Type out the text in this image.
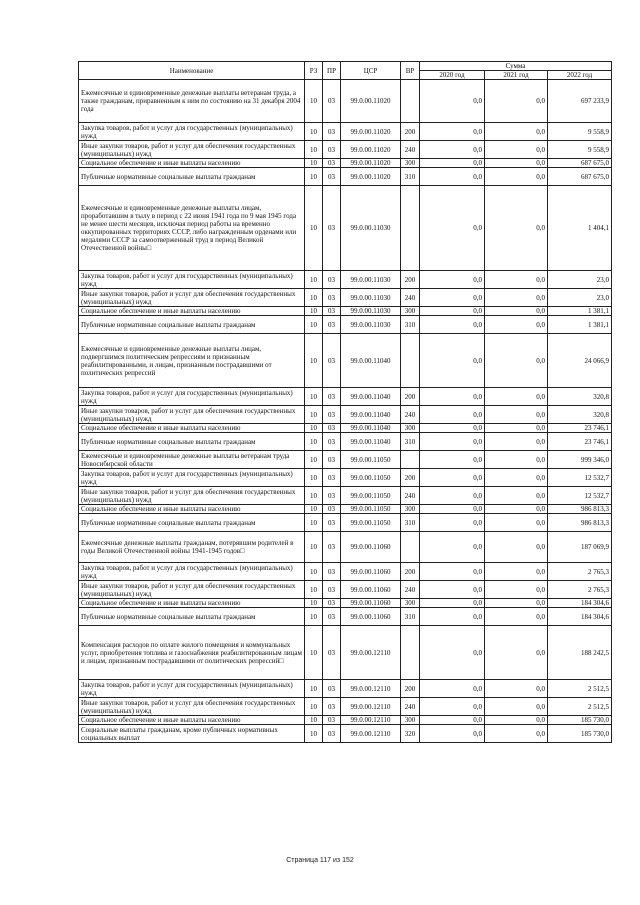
Наименование	РЗ	ПР	ЦСР	ВР	Сумма		
					2020 год	2021 год	2022 год
Ежемесячные и единовременные денежные выплаты ветеранам труда, а также гражданам, приравненным к ним по состоянию на 31 декабря 2004 года	10	03	99.0.00.11020		0,0	0,0	697 233,9
Закупка товаров, работ и услуг для государственных (муниципальных) нужд	10	03	99.0.00.11020	200	0,0	0,0	9 558,9
Иные закупки товаров, работ и услуг для обеспечения государственных (муниципальных) нужд	10	03	99.0.00.11020	240	0,0	0,0	9 558,9
Социальное обеспечение и иные выплаты населению	10	03	99.0.00.11020	300	0,0	0,0	687 675,0
Публичные нормативные социальные выплаты гражданам	10	03	99.0.00.11020	310	0,0	0,0	687 675,0
Ежемесячные и единовременные денежные выплаты лицам, проработавшим в тылу в период с 22 июня 1941 года по 9 мая 1945 года не менее шести месяцев, исключая период работы на временно оккупированных территориях СССР, либо награжденным орденами или медалями СССР за самоотверженный труд в период Великой Отечественной войны□	10	03	99.0.00.11030		0,0	0,0	1 404,1
Закупка товаров, работ и услуг для государственных (муниципальных) нужд	10	03	99.0.00.11030	200	0,0	0,0	23,0
Иные закупки товаров, работ и услуг для обеспечения государственных (муниципальных) нужд	10	03	99.0.00.11030	240	0,0	0,0	23,0
Социальное обеспечение и иные выплаты населению	10	03	99.0.00.11030	300	0,0	0,0	1 381,1
Публичные нормативные социальные выплаты гражданам	10	03	99.0.00.11030	310	0,0	0,0	1 381,1
Ежемесячные и единовременные денежные выплаты лицам, подвергшимся политическим репрессиям и признанным реабилитированными, и лицам, признанным пострадавшими от политических репрессий	10	03	99.0.00.11040		0,0	0,0	24 066,9
Закупка товаров, работ и услуг для государственных (муниципальных) нужд	10	03	99.0.00.11040	200	0,0	0,0	320,8
Иные закупки товаров, работ и услуг для обеспечения государственных (муниципальных) нужд	10	03	99.0.00.11040	240	0,0	0,0	320,8
Социальное обеспечение и иные выплаты населению	10	03	99.0.00.11040	300	0,0	0,0	23 746,1
Публичные нормативные социальные выплаты гражданам	10	03	99.0.00.11040	310	0,0	0,0	23 746,1
Ежемесячные и единовременные денежные выплаты ветеранам труда Новосибирской области	10	03	99.0.00.11050		0,0	0,0	999 346,0
Закупка товаров, работ и услуг для государственных (муниципальных) нужд	10	03	99.0.00.11050	200	0,0	0,0	12 532,7
Иные закупки товаров, работ и услуг для обеспечения государственных (муниципальных) нужд	10	03	99.0.00.11050	240	0,0	0,0	12 532,7
Социальное обеспечение и иные выплаты населению	10	03	99.0.00.11050	300	0,0	0,0	986 813,3
Публичные нормативные социальные выплаты гражданам	10	03	99.0.00.11050	310	0,0	0,0	986 813,3
Ежемесячные денежные выплаты гражданам, потерявшим родителей в годы Великой Отечественной войны 1941-1945 годов□	10	03	99.0.00.11060		0,0	0,0	187 069,9
Закупка товаров, работ и услуг для государственных (муниципальных) нужд	10	03	99.0.00.11060	200	0,0	0,0	2 765,3
Иные закупки товаров, работ и услуг для обеспечения государственных (муниципальных) нужд	10	03	99.0.00.11060	240	0,0	0,0	2 765,3
Социальное обеспечение и иные выплаты населению	10	03	99.0.00.11060	300	0,0	0,0	184 304,6
Публичные нормативные социальные выплаты гражданам	10	03	99.0.00.11060	310	0,0	0,0	184 304,6
Компенсация расходов по оплате жилого помещения и коммунальных услуг, приобретения топлива и газоснабжения реабилитированным лицам и лицам, признанным пострадавшими от политических репрессий□	10	03	99.0.00.12110		0,0	0,0	188 242,5
Закупка товаров, работ и услуг для государственных (муниципальных) нужд	10	03	99.0.00.12110	200	0,0	0,0	2 512,5
Иные закупки товаров, работ и услуг для обеспечения государственных (муниципальных) нужд	10	03	99.0.00.12110	240	0,0	0,0	2 512,5
Социальное обеспечение и иные выплаты населению	10	03	99.0.00.12110	300	0,0	0,0	185 730,0
Социальные выплаты гражданам, кроме публичных нормативных социальных выплат	10	03	99.0.00.12110	320	0,0	0,0	185 730,0
Страница 117 из 152
